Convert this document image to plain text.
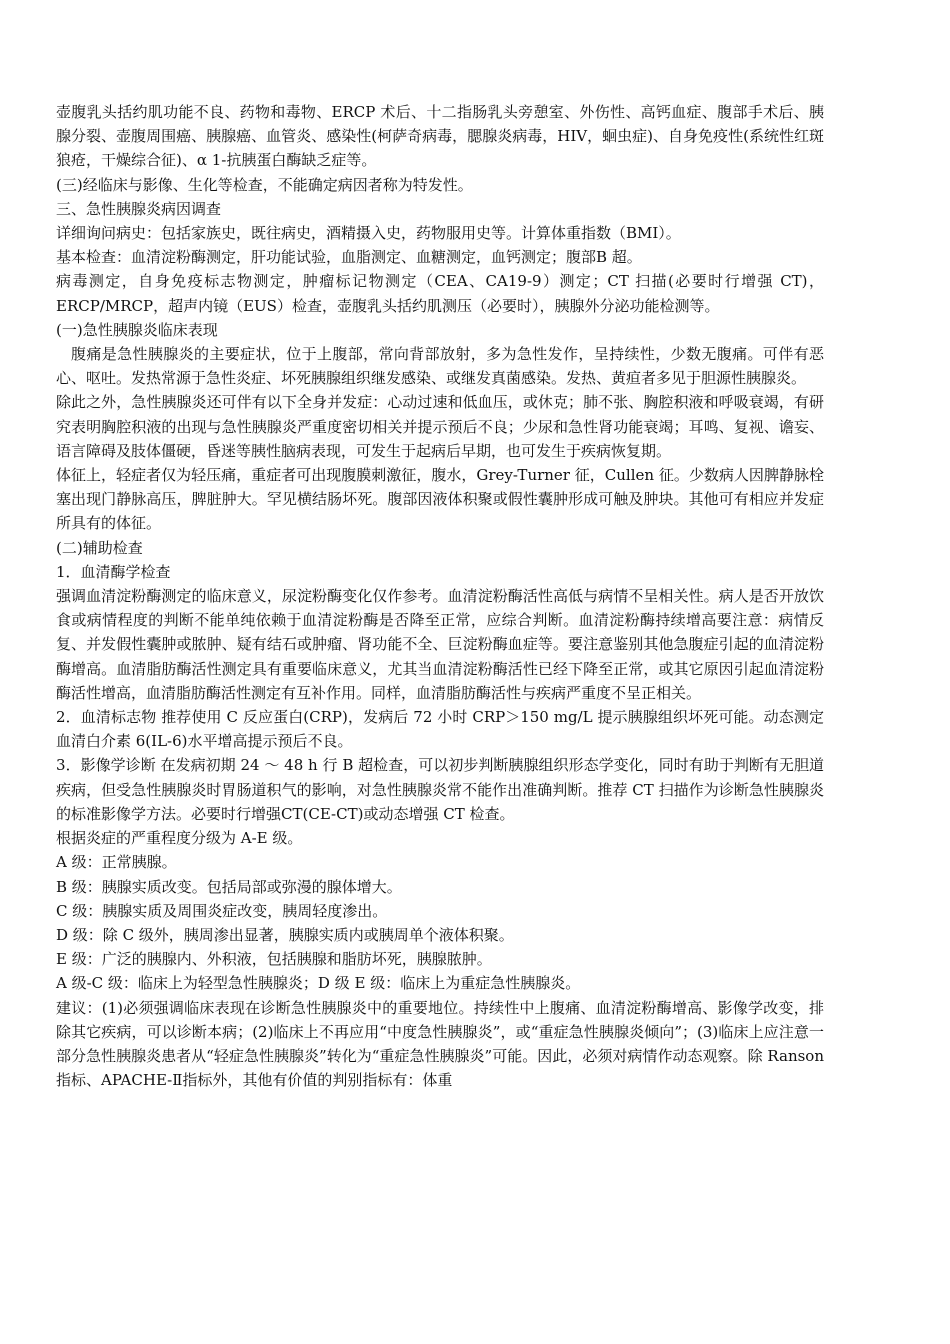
壶腹乳头括约肌功能不良、药物和毒物、ERCP 术后、十二指肠乳头旁憩室、外伤性、高钙血症、腹部手术后、胰腺分裂、壶腹周围癌、胰腺癌、血管炎、感染性(柯萨奇病毒，腮腺炎病毒，HIV，蛔虫症)、自身免疫性(系统性红斑狼疮，干燥综合征)、α 1-抗胰蛋白酶缺乏症等。

(三)经临床与影像、生化等检查，不能确定病因者称为特发性。

三、急性胰腺炎病因调查

详细询问病史：包括家族史，既往病史，酒精摄入史，药物服用史等。计算体重指数（BMI）。

基本检查：血清淀粉酶测定，肝功能试验，血脂测定、血糖测定，血钙测定；腹部B 超。

病毒测定，自身免疫标志物测定，肿瘤标记物测定（CEA、CA19-9）测定；CT 扫描(必要时行增强 CT)，ERCP/MRCP，超声内镜（EUS）检查，壶腹乳头括约肌测压（必要时），胰腺外分泌功能检测等。

(一)急性胰腺炎临床表现

腹痛是急性胰腺炎的主要症状，位于上腹部，常向背部放射，多为急性发作，呈持续性，少数无腹痛。可伴有恶心、呕吐。发热常源于急性炎症、坏死胰腺组织继发感染、或继发真菌感染。发热、黄疸者多见于胆源性胰腺炎。

除此之外，急性胰腺炎还可伴有以下全身并发症：心动过速和低血压，或休克；肺不张、胸腔积液和呼吸衰竭，有研究表明胸腔积液的出现与急性胰腺炎严重度密切相关并提示预后不良；少尿和急性肾功能衰竭；耳鸣、复视、谵妄、语言障碍及肢体僵硬，昏迷等胰性脑病表现，可发生于起病后早期，也可发生于疾病恢复期。

体征上，轻症者仅为轻压痛，重症者可出现腹膜刺激征，腹水，Grey-Turner 征，Cullen 征。少数病人因脾静脉栓塞出现门静脉高压，脾脏肿大。罕见横结肠坏死。腹部因液体积聚或假性囊肿形成可触及肿块。其他可有相应并发症所具有的体征。

(二)辅助检查

1．血清酶学检查

强调血清淀粉酶测定的临床意义，尿淀粉酶变化仅作参考。血清淀粉酶活性高低与病情不呈相关性。病人是否开放饮食或病情程度的判断不能单纯依赖于血清淀粉酶是否降至正常，应综合判断。血清淀粉酶持续增高要注意：病情反复、并发假性囊肿或脓肿、疑有结石或肿瘤、肾功能不全、巨淀粉酶血症等。要注意鉴别其他急腹症引起的血清淀粉酶增高。血清脂肪酶活性测定具有重要临床意义，尤其当血清淀粉酶活性已经下降至正常，或其它原因引起血清淀粉酶活性增高，血清脂肪酶活性测定有互补作用。同样，血清脂肪酶活性与疾病严重度不呈正相关。

2．血清标志物 推荐使用 C 反应蛋白(CRP)，发病后 72 小时 CRP＞150 mg/L 提示胰腺组织坏死可能。动态测定血清白介素 6(IL-6)水平增高提示预后不良。

3．影像学诊断 在发病初期 24 ～ 48 h 行 B 超检查，可以初步判断胰腺组织形态学变化，同时有助于判断有无胆道疾病，但受急性胰腺炎时胃肠道积气的影响，对急性胰腺炎常不能作出准确判断。推荐 CT 扫描作为诊断急性胰腺炎的标准影像学方法。必要时行增强CT(CE-CT)或动态增强 CT 检查。

根据炎症的严重程度分级为 A-E 级。

A 级：正常胰腺。

B 级：胰腺实质改变。包括局部或弥漫的腺体增大。

C 级：胰腺实质及周围炎症改变，胰周轻度渗出。

D 级：除 C 级外，胰周渗出显著，胰腺实质内或胰周单个液体积聚。

E 级：广泛的胰腺内、外积液，包括胰腺和脂肪坏死，胰腺脓肿。

A 级-C 级：临床上为轻型急性胰腺炎；D 级 E 级：临床上为重症急性胰腺炎。

建议：(1)必须强调临床表现在诊断急性胰腺炎中的重要地位。持续性中上腹痛、血清淀粉酶增高、影像学改变，排除其它疾病，可以诊断本病；(2)临床上不再应用“中度急性胰腺炎”，或“重症急性胰腺炎倾向”；(3)临床上应注意一部分急性胰腺炎患者从“轻症急性胰腺炎”转化为“重症急性胰腺炎”可能。因此，必须对病情作动态观察。除 Ranson 指标、APACHE-Ⅱ指标外，其他有价值的判别指标有：体重
